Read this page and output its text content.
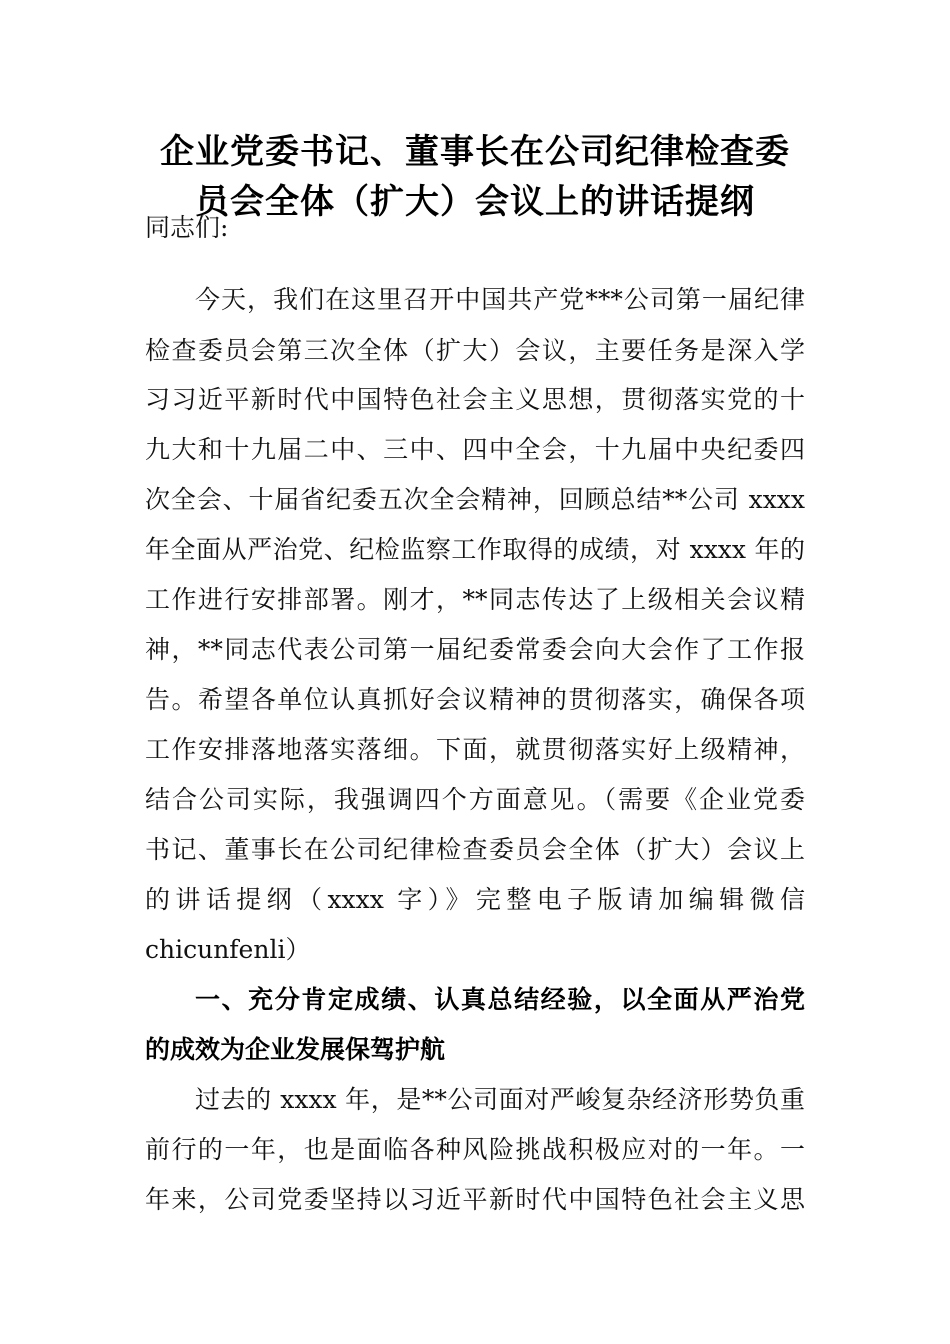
企业党委书记、董事长在公司纪律检查委
员会全体（扩大）会议上的讲话提纲
同志们:
今天，我们在这里召开中国共产党***公司第一届纪律
检查委员会第三次全体（扩大）会议，主要任务是深入学
习习近平新时代中国特色社会主义思想，贯彻落实党的十
九大和十九届二中、三中、四中全会，十九届中央纪委四
次全会、十届省纪委五次全会精神，回顾总结**公司 xxxx
年全面从严治党、纪检监察工作取得的成绩，对 xxxx 年的
工作进行安排部署。刚才，**同志传达了上级相关会议精
神，**同志代表公司第一届纪委常委会向大会作了工作报
告。希望各单位认真抓好会议精神的贯彻落实，确保各项
工作安排落地落实落细。下面，就贯彻落实好上级精神，
结合公司实际，我强调四个方面意见。（需要《企业党委
书记、董事长在公司纪律检查委员会全体（扩大）会议上
的讲话提纲（xxxx 字）》完整电子版请加编辑微信
chicunfenli）
一、充分肯定成绩、认真总结经验，以全面从严治党
的成效为企业发展保驾护航
过去的 xxxx 年，是**公司面对严峻复杂经济形势负重
前行的一年，也是面临各种风险挑战积极应对的一年。一
年来，公司党委坚持以习近平新时代中国特色社会主义思
